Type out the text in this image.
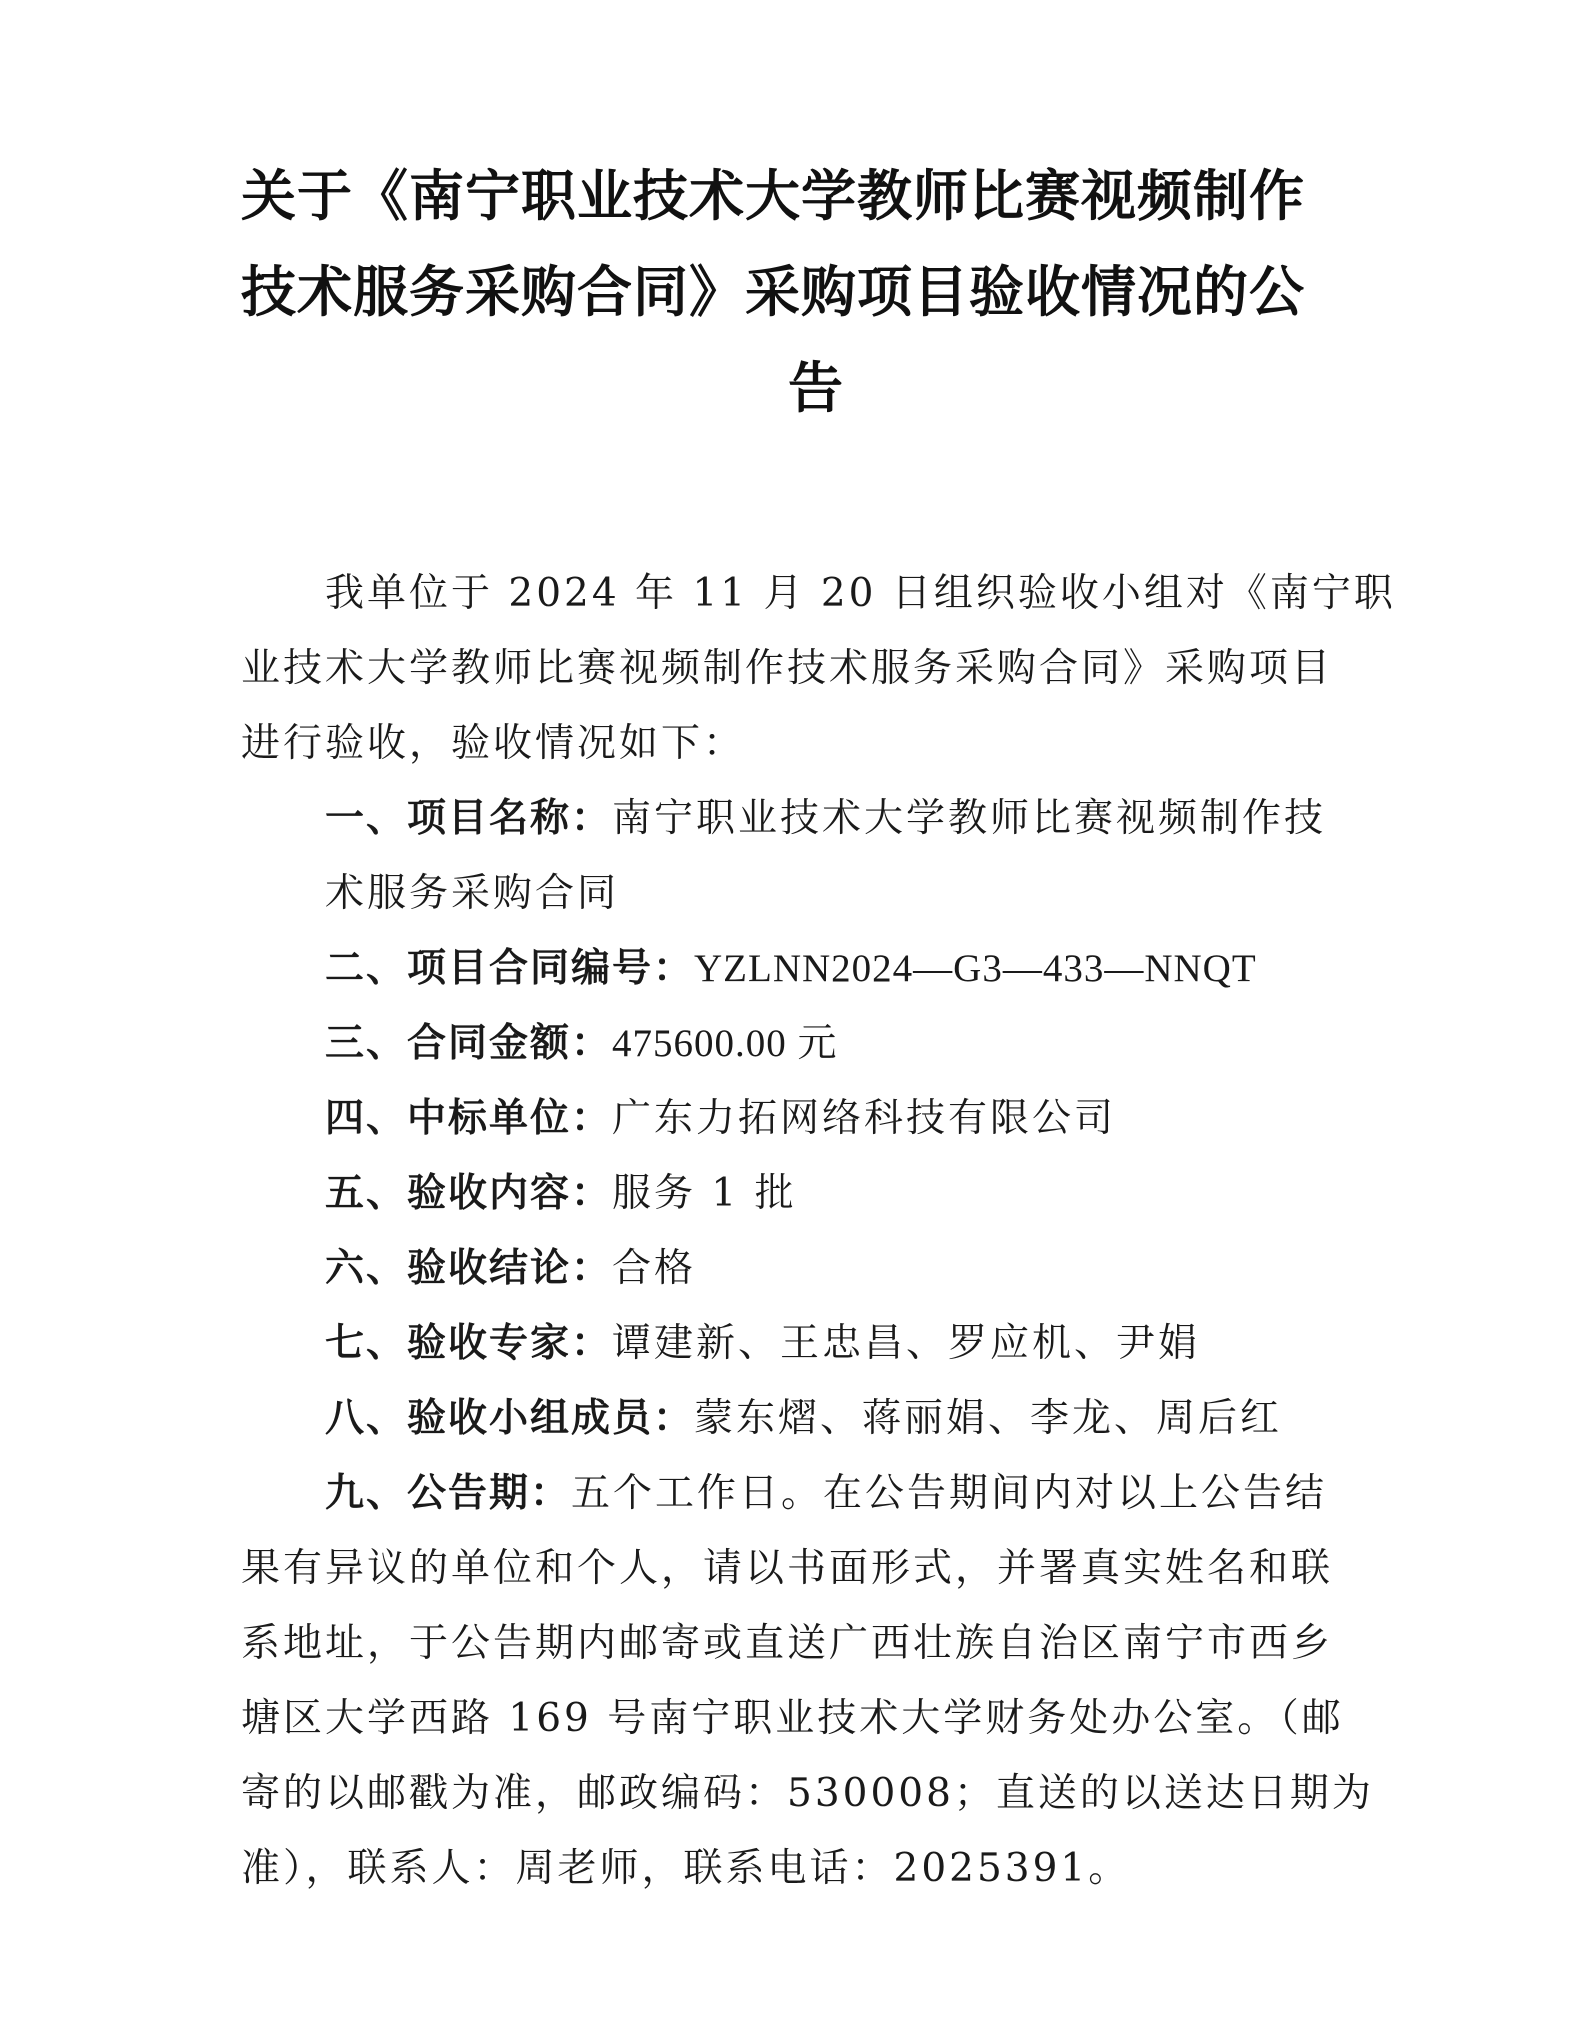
关于《南宁职业技术大学教师比赛视频制作
技术服务采购合同》采购项目验收情况的公
告
我单位于 2024 年 11 月 20 日组织验收小组对《南宁职
业技术大学教师比赛视频制作技术服务采购合同》采购项目
进行验收，验收情况如下：
一、项目名称：南宁职业技术大学教师比赛视频制作技
术服务采购合同
二、项目合同编号：YZLNN2024—G3—433—NNQT
三、合同金额：475600.00 元
四、中标单位：广东力拓网络科技有限公司
五、验收内容：服务 1 批
六、验收结论：合格
七、验收专家：谭建新、王忠昌、罗应机、尹娟
八、验收小组成员：蒙东熠、蒋丽娟、李龙、周后红
九、公告期：五个工作日。在公告期间内对以上公告结
果有异议的单位和个人，请以书面形式，并署真实姓名和联
系地址，于公告期内邮寄或直送广西壮族自治区南宁市西乡
塘区大学西路 169 号南宁职业技术大学财务处办公室。（邮
寄的以邮戳为准，邮政编码：530008；直送的以送达日期为
准），联系人：周老师，联系电话：2025391。
